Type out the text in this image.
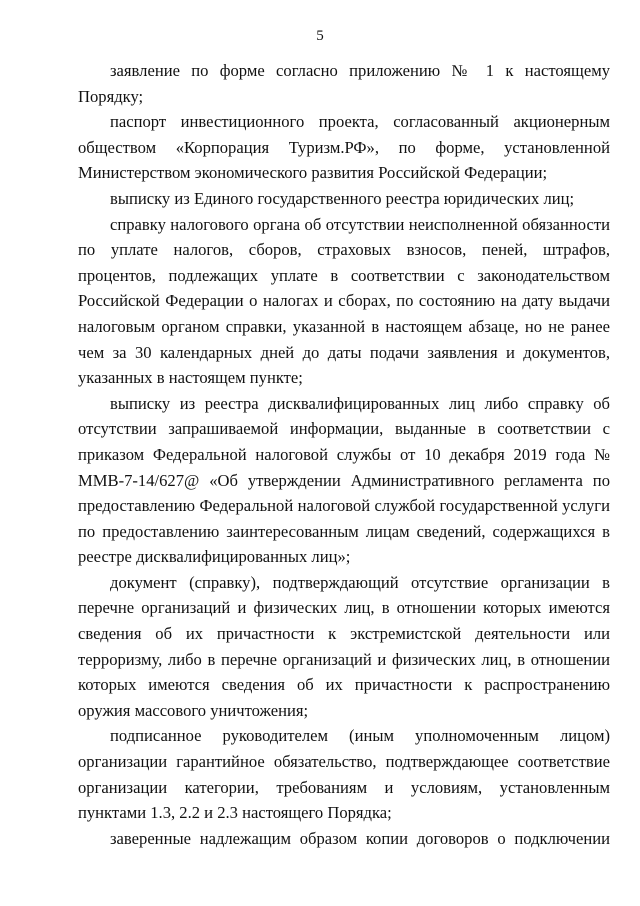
5

заявление по форме согласно приложению № 1 к настоящему Порядку;

паспорт инвестиционного проекта, согласованный акционерным обществом «Корпорация Туризм.РФ», по форме, установленной Министерством экономического развития Российской Федерации;

выписку из Единого государственного реестра юридических лиц;

справку налогового органа об отсутствии неисполненной обязанности по уплате налогов, сборов, страховых взносов, пеней, штрафов, процентов, подлежащих уплате в соответствии с законодательством Российской Федерации о налогах и сборах, по состоянию на дату выдачи налоговым органом справки, указанной в настоящем абзаце, но не ранее чем за 30 календарных дней до даты подачи заявления и документов, указанных в настоящем пункте;

выписку из реестра дисквалифицированных лиц либо справку об отсутствии запрашиваемой информации, выданные в соответствии с приказом Федеральной налоговой службы от 10 декабря 2019 года № ММВ-7-14/627@ «Об утверждении Административного регламента по предоставлению Федеральной налоговой службой государственной услуги по предоставлению заинтересованным лицам сведений, содержащихся в реестре дисквалифицированных лиц»;

документ (справку), подтверждающий отсутствие организации в перечне организаций и физических лиц, в отношении которых имеются сведения об их причастности к экстремистской деятельности или терроризму, либо в перечне организаций и физических лиц, в отношении которых имеются сведения об их причастности к распространению оружия массового уничтожения;

подписанное руководителем (иным уполномоченным лицом) организации гарантийное обязательство, подтверждающее соответствие организации категории, требованиям и условиям, установленным пунктами 1.3, 2.2 и 2.3 настоящего Порядка;

заверенные надлежащим образом копии договоров о подключении
